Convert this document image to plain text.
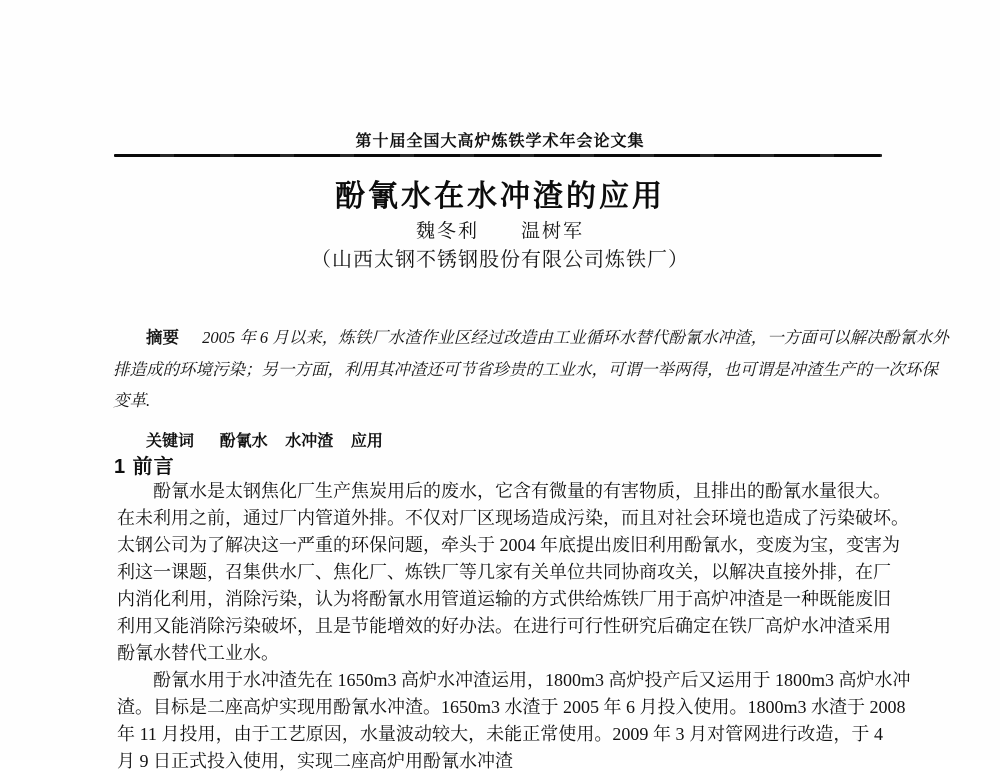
第十届全国大高炉炼铁学术年会论文集
酚氰水在水冲渣的应用
魏冬利　　温树军
（山西太钢不锈钢股份有限公司炼铁厂）
摘要 2005 年 6 月以来，炼铁厂水渣作业区经过改造由工业循环水替代酚氰水冲渣，一方面可以解决酚氰水外
排造成的环境污染；另一方面，利用其冲渣还可节省珍贵的工业水，可谓一举两得，也可谓是冲渣生产的一次环保
变革.
关键词 酚氰水 水冲渣 应用
1 前言
酚氰水是太钢焦化厂生产焦炭用后的废水，它含有微量的有害物质，且排出的酚氰水量很大。
在未利用之前，通过厂内管道外排。不仅对厂区现场造成污染，而且对社会环境也造成了污染破坏。
太钢公司为了解决这一严重的环保问题，牵头于 2004 年底提出废旧利用酚氰水，变废为宝，变害为
利这一课题，召集供水厂、焦化厂、炼铁厂等几家有关单位共同协商攻关，以解决直接外排，在厂
内消化利用，消除污染，认为将酚氰水用管道运输的方式供给炼铁厂用于高炉冲渣是一种既能废旧
利用又能消除污染破坏，且是节能增效的好办法。在进行可行性研究后确定在铁厂高炉水冲渣采用
酚氰水替代工业水。
酚氰水用于水冲渣先在 1650m3 高炉水冲渣运用，1800m3 高炉投产后又运用于 1800m3 高炉水冲
渣。目标是二座高炉实现用酚氰水冲渣。1650m3 水渣于 2005 年 6 月投入使用。1800m3 水渣于 2008
年 11 月投用，由于工艺原因，水量波动较大，未能正常使用。2009 年 3 月对管网进行改造，于 4
月 9 日正式投入使用，实现二座高炉用酚氰水冲渣
